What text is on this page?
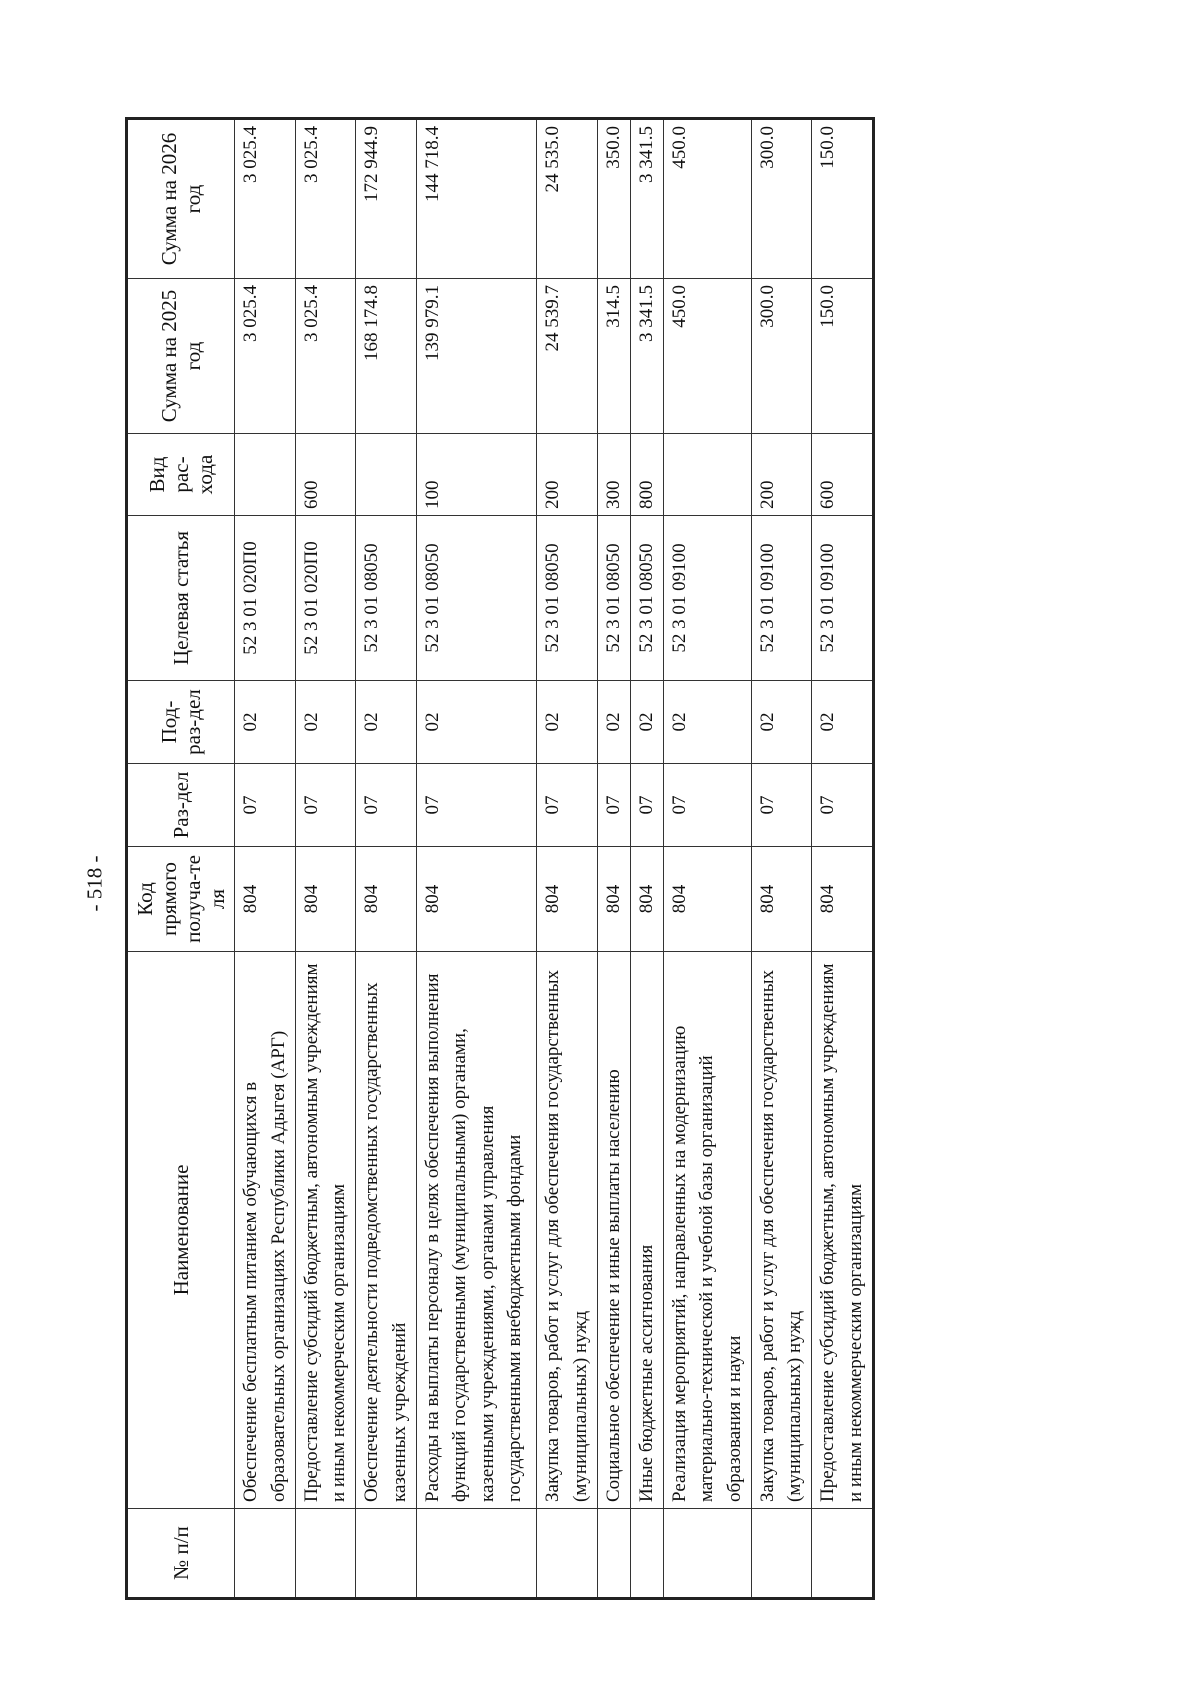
- 518 -
№ п/п	Наименование	Код прямого получа-те ля	Раз-дел	Под-раз-дел	Целевая статья	Вид рас-хода	Сумма на 2025 год	Сумма на 2026 год
	Обеспечение бесплатным питанием обучающихся в образовательных организациях Республики Адыгея (АРГ)	804	07	02	52 3 01 020П0		3 025.4	3 025.4
	Предоставление субсидий бюджетным, автономным учреждениям и иным некоммерческим организациям	804	07	02	52 3 01 020П0	600	3 025.4	3 025.4
	Обеспечение деятельности подведомственных государственных казенных учреждений	804	07	02	52 3 01 08050		168 174.8	172 944.9
	Расходы на выплаты персоналу в целях обеспечения выполнения функций государственными (муниципальными) органами, казенными учреждениями, органами управления государственными внебюджетными фондами	804	07	02	52 3 01 08050	100	139 979.1	144 718.4
	Закупка товаров, работ и услуг для обеспечения государственных (муниципальных) нужд	804	07	02	52 3 01 08050	200	24 539.7	24 535.0
	Социальное обеспечение и иные выплаты населению	804	07	02	52 3 01 08050	300	314.5	350.0
	Иные бюджетные ассигнования	804	07	02	52 3 01 08050	800	3 341.5	3 341.5
	Реализация мероприятий, направленных на модернизацию материально-технической и учебной базы организаций образования и науки	804	07	02	52 3 01 09100		450.0	450.0
	Закупка товаров, работ и услуг для обеспечения государственных (муниципальных) нужд	804	07	02	52 3 01 09100	200	300.0	300.0
	Предоставление субсидий бюджетным, автономным учреждениям и иным некоммерческим организациям	804	07	02	52 3 01 09100	600	150.0	150.0
